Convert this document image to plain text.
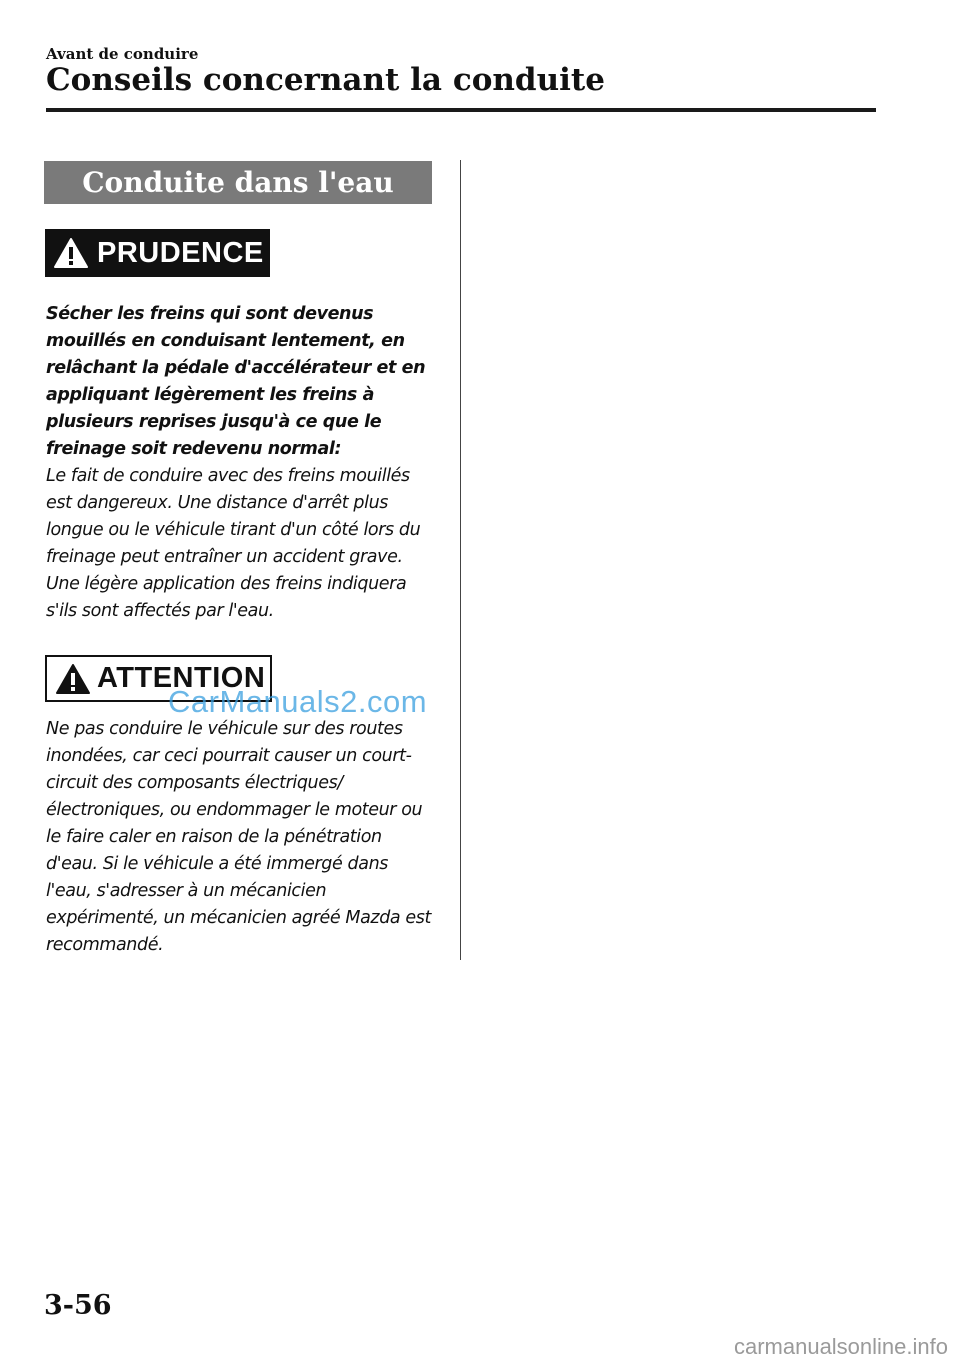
Avant de conduire
Conseils concernant la conduite
Conduite dans l'eau
PRUDENCE
Sécher les freins qui sont devenus mouillés en conduisant lentement, en relâchant la pédale d'accélérateur et en appliquant légèrement les freins à plusieurs reprises jusqu'à ce que le freinage soit redevenu normal:
Le fait de conduire avec des freins mouillés est dangereux. Une distance d'arrêt plus longue ou le véhicule tirant d'un côté lors du freinage peut entraîner un accident grave. Une légère application des freins indiquera s'ils sont affectés par l'eau.
ATTENTION
Ne pas conduire le véhicule sur des routes inondées, car ceci pourrait causer un court-circuit des composants électriques/électroniques, ou endommager le moteur ou le faire caler en raison de la pénétration d'eau. Si le véhicule a été immergé dans l'eau, s'adresser à un mécanicien expérimenté, un mécanicien agréé Mazda est recommandé.
CarManuals2.com
3-56
carmanualsonline.info
